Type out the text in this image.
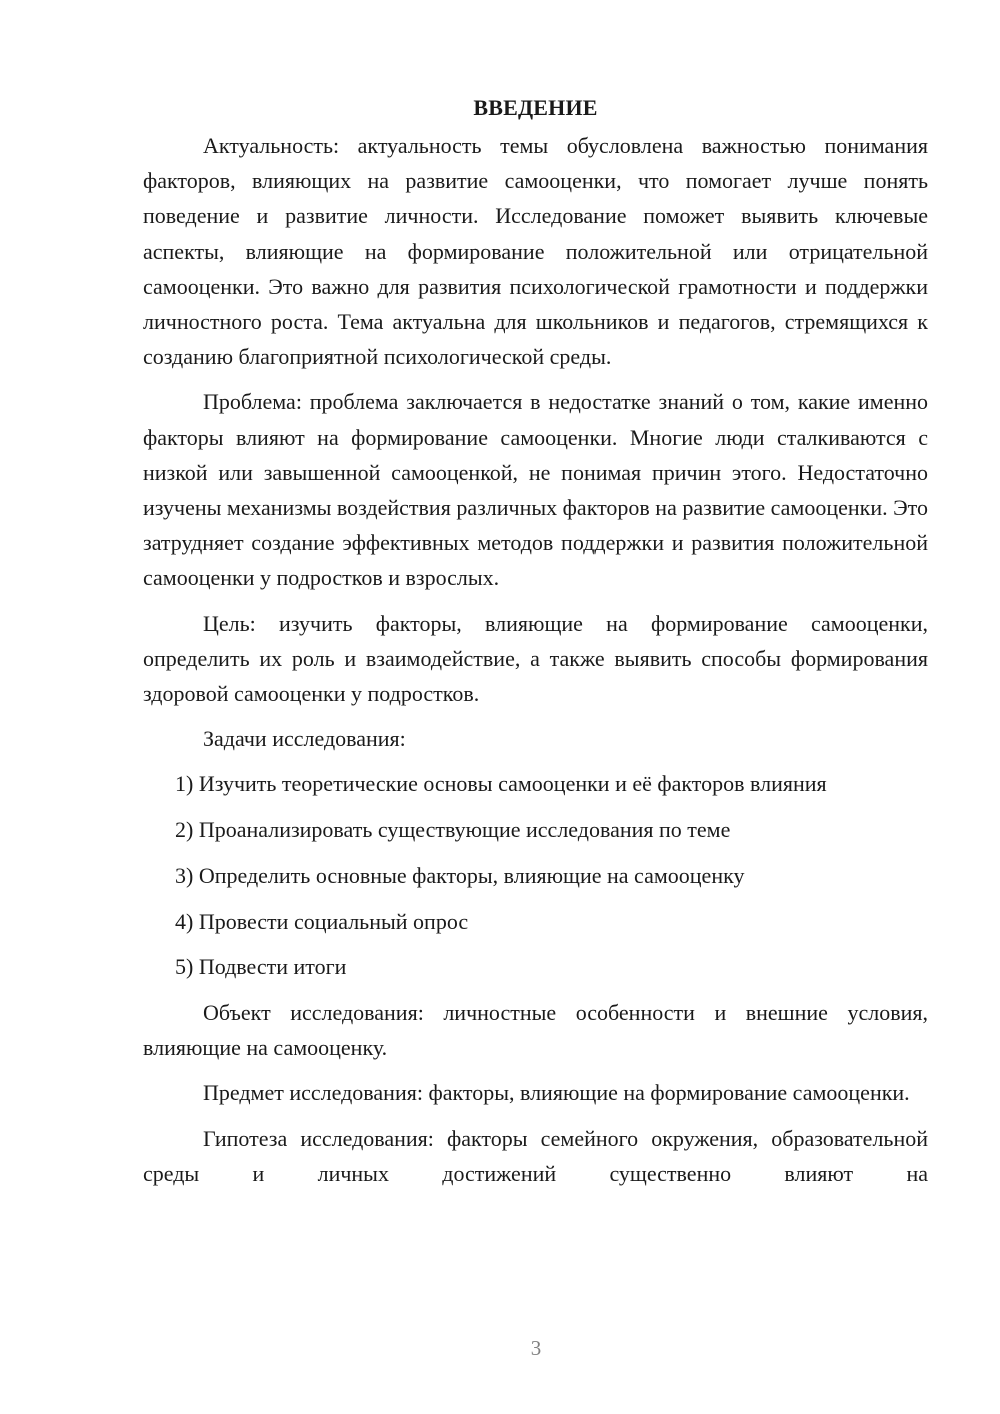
ВВЕДЕНИЕ

Актуальность: актуальность темы обусловлена важностью понимания факторов, влияющих на развитие самооценки, что помогает лучше понять поведение и развитие личности. Исследование поможет выявить ключевые аспекты, влияющие на формирование положительной или отрицательной самооценки. Это важно для развития психологической грамотности и поддержки личностного роста. Тема актуальна для школьников и педагогов, стремящихся к созданию благоприятной психологической среды.

Проблема: проблема заключается в недостатке знаний о том, какие именно факторы влияют на формирование самооценки. Многие люди сталкиваются с низкой или завышенной самооценкой, не понимая причин этого. Недостаточно изучены механизмы воздействия различных факторов на развитие самооценки. Это затрудняет создание эффективных методов поддержки и развития положительной самооценки у подростков и взрослых.

Цель: изучить факторы, влияющие на формирование самооценки, определить их роль и взаимодействие, а также выявить способы формирования здоровой самооценки у подростков.

Задачи исследования:

1) Изучить теоретические основы самооценки и её факторов влияния
2) Проанализировать существующие исследования по теме
3) Определить основные факторы, влияющие на самооценку
4) Провести социальный опрос
5) Подвести итоги

Объект исследования: личностные особенности и внешние условия, влияющие на самооценку.

Предмет исследования: факторы, влияющие на формирование самооценки.

Гипотеза исследования: факторы семейного окружения, образовательной среды и личных достижений существенно влияют на

3
